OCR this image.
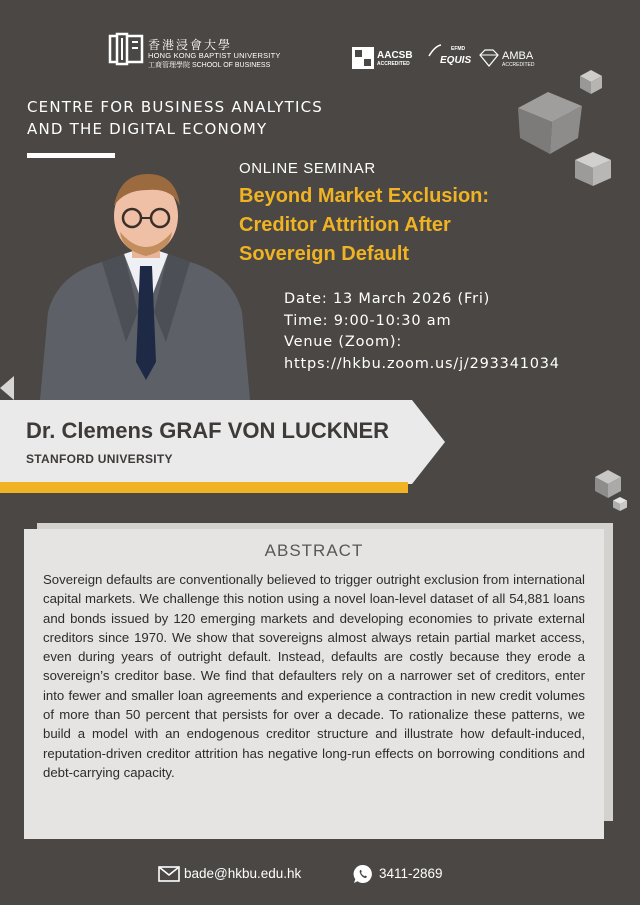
香港浸會大學
HONG KONG BAPTIST UNIVERSITY
工商管理學院 SCHOOL OF BUSINESS
AACSB
ACCREDITED
EFMD
EQUIS	AMBA
ACCREDITED
CENTRE FOR BUSINESS ANALYTICS
AND THE DIGITAL ECONOMY
ONLINE SEMINAR
Beyond Market Exclusion:
Creditor Attrition After
Sovereign Default
Date: 13 March 2026 (Fri)
Time: 9:00-10:30 am
Venue (Zoom):
https://hkbu.zoom.us/j/293341034
Dr. Clemens GRAF VON LUCKNER
STANFORD UNIVERSITY
ABSTRACT
Sovereign defaults are conventionally believed to trigger outright exclusion from international capital markets. We challenge this notion using a novel loan-level dataset of all 54,881 loans and bonds issued by 120 emerging markets and developing economies to private external creditors since 1970. We show that sovereigns almost always retain partial market access, even during years of outright default. Instead, defaults are costly because they erode a sovereign’s creditor base. We find that defaulters rely on a narrower set of creditors, enter into fewer and smaller loan agreements and experience a contraction in new credit volumes of more than 50 percent that persists for over a decade. To rationalize these patterns, we build a model with an endogenous creditor structure and illustrate how default-induced, reputation-driven creditor attrition has negative long-run effects on borrowing conditions and debt-carrying capacity.
bade@hkbu.edu.hk	3411-2869
